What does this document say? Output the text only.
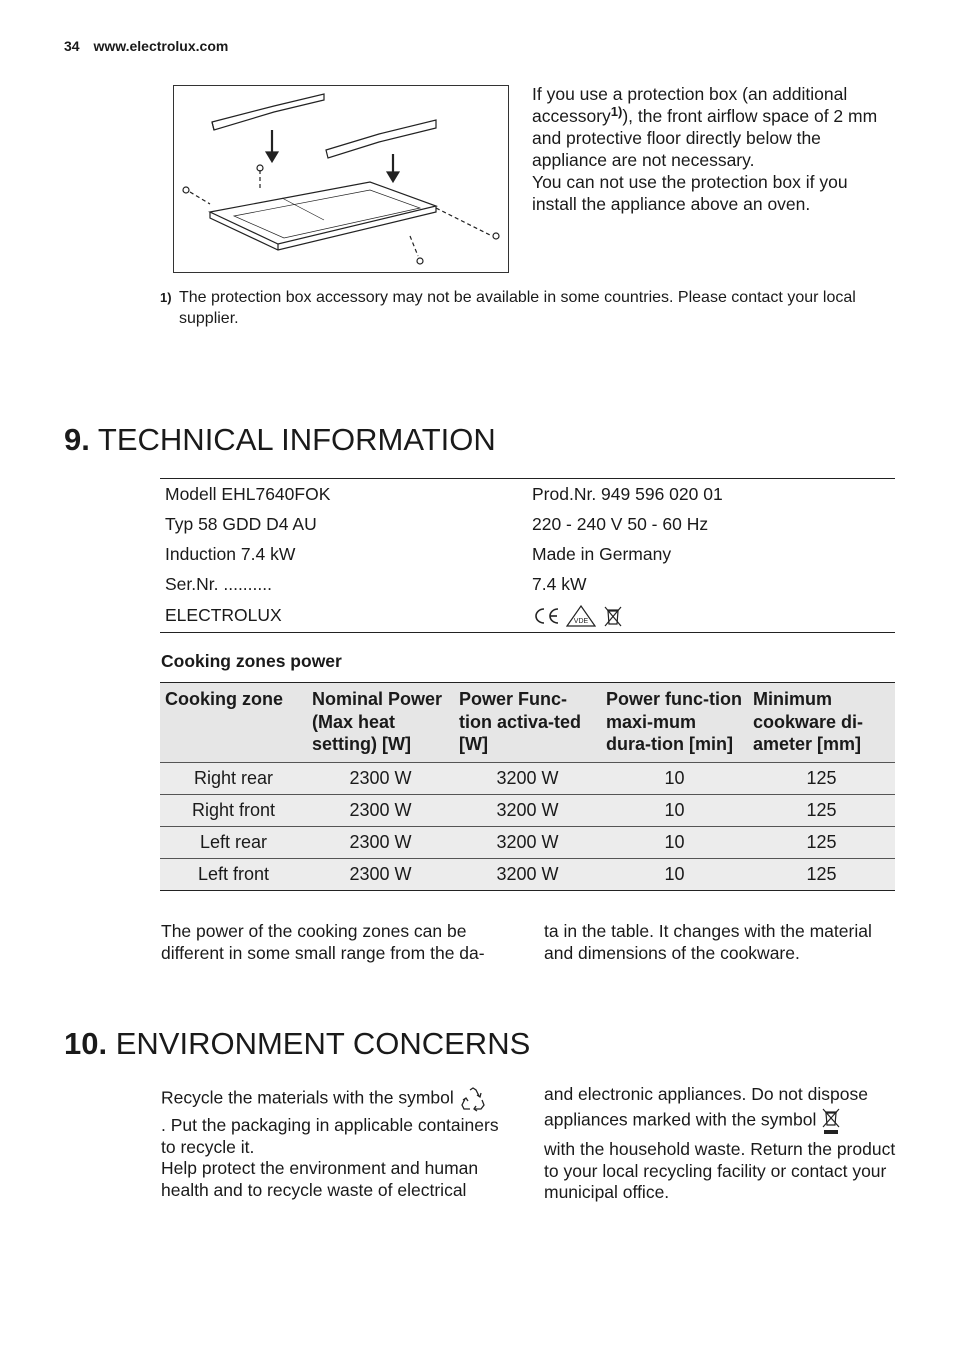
34 www.electrolux.com

If you use a protection box (an additional accessory$^{1)}$), the front airflow space of 2 mm and protective floor directly below the appliance are not necessary.

You can not use the protection box if you install the appliance above an oven.

1) The protection box accessory may not be available in some countries. Please contact your local supplier.
9. TECHNICAL INFORMATION
Modell EHL7640FOK	Prod.Nr. 949 596 020 01
Typ 58 GDD D4 AU	220 - 240 V 50 - 60 Hz
Induction 7.4 kW	Made in Germany
Ser.Nr. ..........	7.4 kW
ELECTROLUX	VDE
Cooking zones power
Cooking zone	Nominal Power (Max heat setting) [W]	Power Func-tion activa-ted [W]	Power func-tion maxi-mum dura-tion [min]	Minimum cookware di-ameter [mm]
Right rear	2300 W	3200 W	10	125
Right front	2300 W	3200 W	10	125
Left rear	2300 W	3200 W	10	125
Left front	2300 W	3200 W	10	125

The power of the cooking zones can be different in some small range from the da-

ta in the table. It changes with the material and dimensions of the cookware.

10. ENVIRONMENT CONCERNS

Recycle the materials with the symbol

. Put the packaging in applicable containers to recycle it.

Help protect the environment and human health and to recycle waste of electrical

and electronic appliances. Do not dispose appliances marked with the symbol

with the household waste. Return the product to your local recycling facility or contact your municipal office.
